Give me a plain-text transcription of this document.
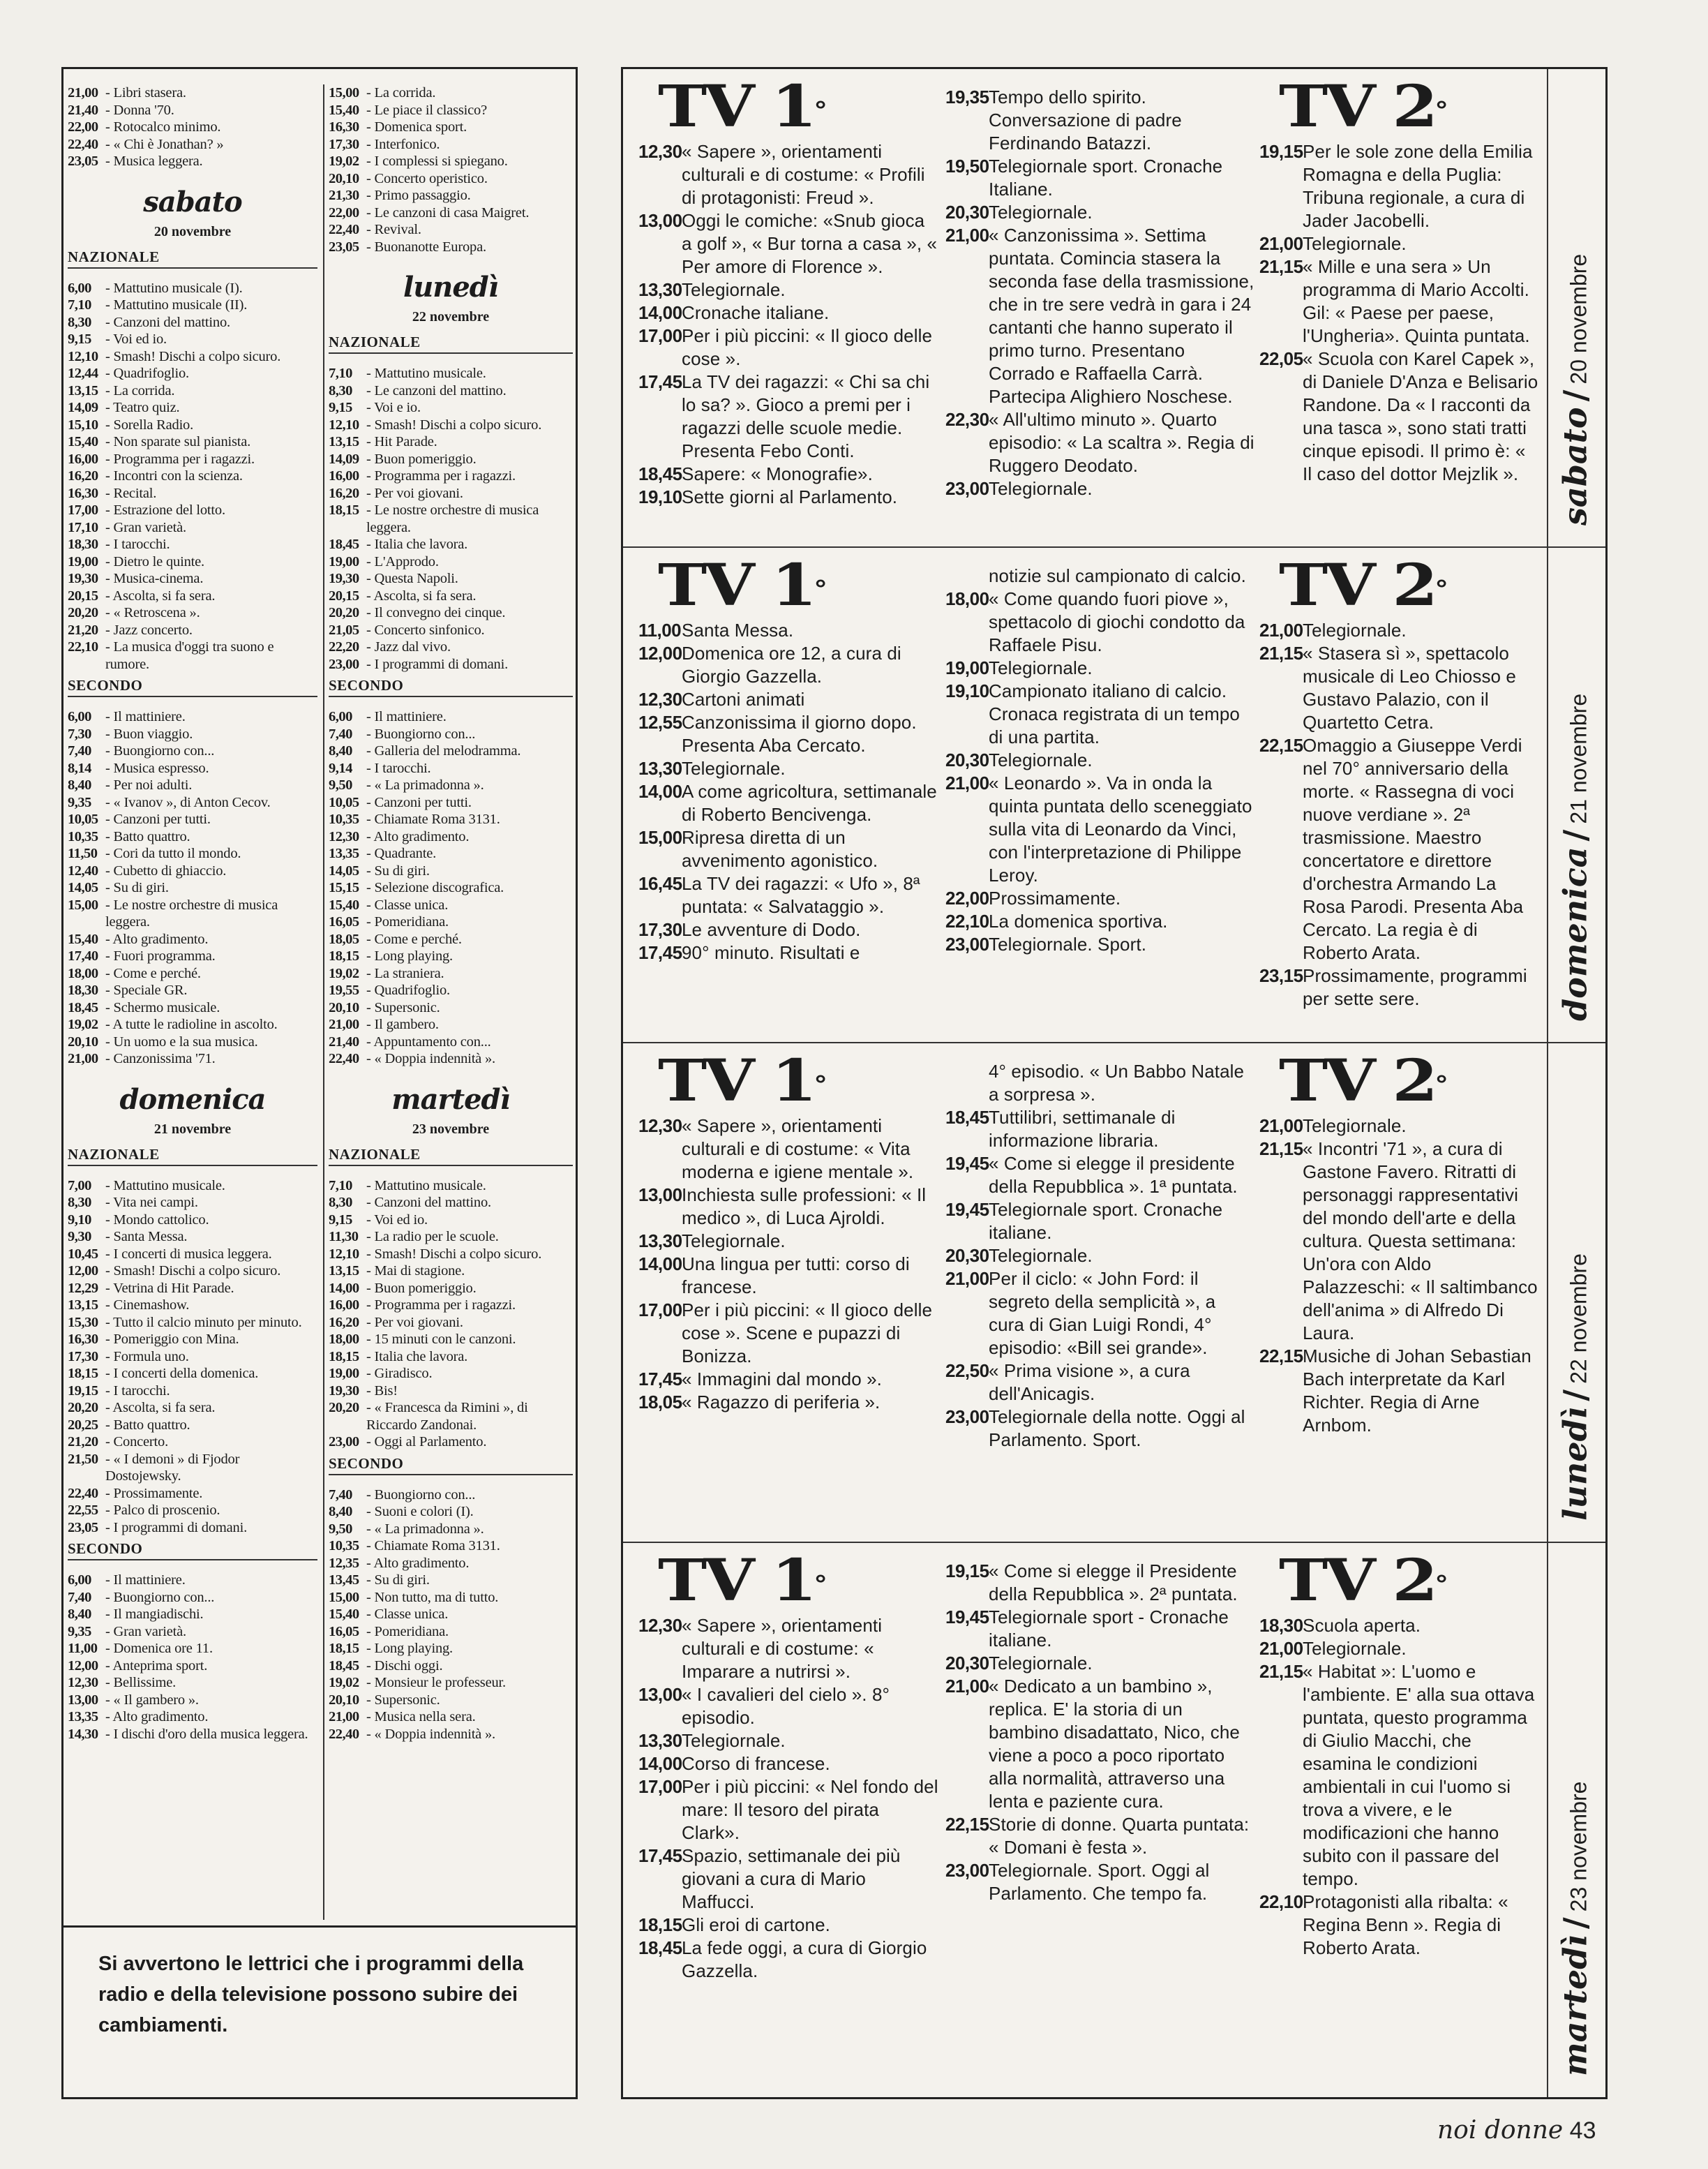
21,00 - Libri stasera.
21,40 - Donna '70.
22,00 - Rotocalco minimo.
22,40 - « Chi è Jonathan? »
23,05 - Musica leggera.
sabato
20 novembre
NAZIONALE
6,00 - Mattutino musicale (I).
7,10 - Mattutino musicale (II).
8,30 - Canzoni del mattino.
9,15 - Voi ed io.
12,10 - Smash! Dischi a colpo sicuro.
12,44 - Quadrifoglio.
13,15 - La corrida.
14,09 - Teatro quiz.
15,10 - Sorella Radio.
15,40 - Non sparate sul pianista.
16,00 - Programma per i ragazzi.
16,20 - Incontri con la scienza.
16,30 - Recital.
17,00 - Estrazione del lotto.
17,10 - Gran varietà.
18,30 - I tarocchi.
19,00 - Dietro le quinte.
19,30 - Musica-cinema.
20,15 - Ascolta, si fa sera.
20,20 - « Retroscena ».
21,20 - Jazz concerto.
22,10 - La musica d'oggi tra suono e rumore.
SECONDO
6,00 - Il mattiniere.
7,30 - Buon viaggio.
7,40 - Buongiorno con...
8,14 - Musica espresso.
8,40 - Per noi adulti.
9,35 - « Ivanov », di Anton Cecov.
10,05 - Canzoni per tutti.
10,35 - Batto quattro.
11,50 - Cori da tutto il mondo.
12,40 - Cubetto di ghiaccio.
14,05 - Su di giri.
15,00 - Le nostre orchestre di musica leggera.
15,40 - Alto gradimento.
17,40 - Fuori programma.
18,00 - Come e perché.
18,30 - Speciale GR.
18,45 - Schermo musicale.
19,02 - A tutte le radioline in ascolto.
20,10 - Un uomo e la sua musica.
21,00 - Canzonissima '71.
domenica
21 novembre
NAZIONALE
7,00 - Mattutino musicale.
8,30 - Vita nei campi.
9,10 - Mondo cattolico.
9,30 - Santa Messa.
10,45 - I concerti di musica leggera.
12,00 - Smash! Dischi a colpo sicuro.
12,29 - Vetrina di Hit Parade.
13,15 - Cinemashow.
15,30 - Tutto il calcio minuto per minuto.
16,30 - Pomeriggio con Mina.
17,30 - Formula uno.
18,15 - I concerti della domenica.
19,15 - I tarocchi.
20,20 - Ascolta, si fa sera.
20,25 - Batto quattro.
21,20 - Concerto.
21,50 - « I demoni » di Fjodor Dostojewsky.
22,40 - Prossimamente.
22,55 - Palco di proscenio.
23,05 - I programmi di domani.
SECONDO
6,00 - Il mattiniere.
7,40 - Buongiorno con...
8,40 - Il mangiadischi.
9,35 - Gran varietà.
11,00 - Domenica ore 11.
12,00 - Anteprima sport.
12,30 - Bellissime.
13,00 - « Il gambero ».
13,35 - Alto gradimento.
14,30 - I dischi d'oro della musica leggera.
15,00 - La corrida.
15,40 - Le piace il classico?
16,30 - Domenica sport.
17,30 - Interfonico.
19,02 - I complessi si spiegano.
20,10 - Concerto operistico.
21,30 - Primo passaggio.
22,00 - Le canzoni di casa Maigret.
22,40 - Revival.
23,05 - Buonanotte Europa.
lunedì
22 novembre
NAZIONALE
7,10 - Mattutino musicale.
8,30 - Le canzoni del mattino.
9,15 - Voi e io.
12,10 - Smash! Dischi a colpo sicuro.
13,15 - Hit Parade.
14,09 - Buon pomeriggio.
16,00 - Programma per i ragazzi.
16,20 - Per voi giovani.
18,15 - Le nostre orchestre di musica leggera.
18,45 - Italia che lavora.
19,00 - L'Approdo.
19,30 - Questa Napoli.
20,15 - Ascolta, si fa sera.
20,20 - Il convegno dei cinque.
21,05 - Concerto sinfonico.
22,20 - Jazz dal vivo.
23,00 - I programmi di domani.
SECONDO
6,00 - Il mattiniere.
7,40 - Buongiorno con...
8,40 - Galleria del melodramma.
9,14 - I tarocchi.
9,50 - « La primadonna ».
10,05 - Canzoni per tutti.
10,35 - Chiamate Roma 3131.
12,30 - Alto gradimento.
13,35 - Quadrante.
14,05 - Su di giri.
15,15 - Selezione discografica.
15,40 - Classe unica.
16,05 - Pomeridiana.
18,05 - Come e perché.
18,15 - Long playing.
19,02 - La straniera.
19,55 - Quadrifoglio.
20,10 - Supersonic.
21,00 - Il gambero.
21,40 - Appuntamento con...
22,40 - « Doppia indennità ».
martedì
23 novembre
NAZIONALE
7,10 - Mattutino musicale.
8,30 - Canzoni del mattino.
9,15 - Voi ed io.
11,30 - La radio per le scuole.
12,10 - Smash! Dischi a colpo sicuro.
13,15 - Mai di stagione.
14,00 - Buon pomeriggio.
16,00 - Programma per i ragazzi.
16,20 - Per voi giovani.
18,00 - 15 minuti con le canzoni.
18,15 - Italia che lavora.
19,00 - Giradisco.
19,30 - Bis!
20,20 - « Francesca da Rimini », di Riccardo Zandonai.
23,00 - Oggi al Parlamento.
SECONDO
7,40 - Buongiorno con...
8,40 - Suoni e colori (I).
9,50 - « La primadonna ».
10,35 - Chiamate Roma 3131.
12,35 - Alto gradimento.
13,45 - Su di giri.
15,00 - Non tutto, ma di tutto.
15,40 - Classe unica.
16,05 - Pomeridiana.
18,15 - Long playing.
18,45 - Dischi oggi.
19,02 - Monsieur le professeur.
20,10 - Supersonic.
21,00 - Musica nella sera.
22,40 - « Doppia indennità ».
Si avvertono le lettrici che i programmi della radio e della televisione possono subire dei cambiamenti.
TV 1°
12,30 « Sapere », orientamenti culturali e di costume: « Profili di protagonisti: Freud ».
13,00 Oggi le comiche: «Snub gioca a golf », « Bur torna a casa », « Per amore di Florence ».
13,30 Telegiornale.
14,00 Cronache italiane.
17,00 Per i più piccini: « Il gioco delle cose ».
17,45 La TV dei ragazzi: « Chi sa chi lo sa? ». Gioco a premi per i ragazzi delle scuole medie. Presenta Febo Conti.
18,45 Sapere: « Monografie».
19,10 Sette giorni al Parlamento.
19,35 Tempo dello spirito. Conversazione di padre Ferdinando Batazzi.
19,50 Telegiornale sport. Cronache Italiane.
20,30 Telegiornale.
21,00 « Canzonissima ». Settima puntata. Comincia stasera la seconda fase della trasmissione, che in tre sere vedrà in gara i 24 cantanti che hanno superato il primo turno. Presentano Corrado e Raffaella Carrà. Partecipa Alighiero Noschese.
22,30 « All'ultimo minuto ». Quarto episodio: « La scaltra ». Regia di Ruggero Deodato.
23,00 Telegiornale.
TV 2°
19,15 Per le sole zone della Emilia Romagna e della Puglia: Tribuna regionale, a cura di Jader Jacobelli.
21,00 Telegiornale.
21,15 « Mille e una sera » Un programma di Mario Accolti. Gil: « Paese per paese, l'Ungheria». Quinta puntata.
22,05 « Scuola con Karel Capek », di Daniele D'Anza e Belisario Randone. Da « I racconti da una tasca », sono stati tratti cinque episodi. Il primo è: « Il caso del dottor Mejzlik ».	sabato/20 novembre
TV 1°
11,00 Santa Messa.
12,00 Domenica ore 12, a cura di Giorgio Gazzella.
12,30 Cartoni animati
12,55 Canzonissima il giorno dopo. Presenta Aba Cercato.
13,30 Telegiornale.
14,00 A come agricoltura, settimanale di Roberto Bencivenga.
15,00 Ripresa diretta di un avvenimento agonistico.
16,45 La TV dei ragazzi: « Ufo », 8ª puntata: « Salvataggio ».
17,30 Le avventure di Dodo.
17,45 90° minuto. Risultati e
notizie sul campionato di calcio.
18,00 « Come quando fuori piove », spettacolo di giochi condotto da Raffaele Pisu.
19,00 Telegiornale.
19,10 Campionato italiano di calcio. Cronaca registrata di un tempo di una partita.
20,30 Telegiornale.
21,00 « Leonardo ». Va in onda la quinta puntata dello sceneggiato sulla vita di Leonardo da Vinci, con l'interpretazione di Philippe Leroy.
22,00 Prossimamente.
22,10 La domenica sportiva.
23,00 Telegiornale. Sport.
TV 2°
21,00 Telegiornale.
21,15 « Stasera sì », spettacolo musicale di Leo Chiosso e Gustavo Palazio, con il Quartetto Cetra.
22,15 Omaggio a Giuseppe Verdi nel 70° anniversario della morte. « Rassegna di voci nuove verdiane ». 2ª trasmissione. Maestro concertatore e direttore d'orchestra Armando La Rosa Parodi. Presenta Aba Cercato. La regia è di Roberto Arata.
23,15 Prossimamente, programmi per sette sere.	domenica/21 novembre
TV 1°
12,30 « Sapere », orientamenti culturali e di costume: « Vita moderna e igiene mentale ».
13,00 Inchiesta sulle professioni: « Il medico », di Luca Ajroldi.
13,30 Telegiornale.
14,00 Una lingua per tutti: corso di francese.
17,00 Per i più piccini: « Il gioco delle cose ». Scene e pupazzi di Bonizza.
17,45 « Immagini dal mondo ».
18,05 « Ragazzo di periferia ».
4° episodio. « Un Babbo Natale a sorpresa ».
18,45 Tuttilibri, settimanale di informazione libraria.
19,45 « Come si elegge il presidente della Repubblica ». 1ª puntata.
19,45 Telegiornale sport. Cronache italiane.
20,30 Telegiornale.
21,00 Per il ciclo: « John Ford: il segreto della semplicità », a cura di Gian Luigi Rondi, 4° episodio: «Bill sei grande».
22,50 « Prima visione », a cura dell'Anicagis.
23,00 Telegiornale della notte. Oggi al Parlamento. Sport.
TV 2°
21,00 Telegiornale.
21,15 « Incontri '71 », a cura di Gastone Favero. Ritratti di personaggi rappresentativi del mondo dell'arte e della cultura. Questa settimana: Un'ora con Aldo Palazzeschi: « Il saltimbanco dell'anima » di Alfredo Di Laura.
22,15 Musiche di Johan Sebastian Bach interpretate da Karl Richter. Regia di Arne Arnbom.	lunedì/22 novembre
TV 1°
12,30 « Sapere », orientamenti culturali e di costume: « Imparare a nutrirsi ».
13,00 « I cavalieri del cielo ». 8° episodio.
13,30 Telegiornale.
14,00 Corso di francese.
17,00 Per i più piccini: « Nel fondo del mare: Il tesoro del pirata Clark».
17,45 Spazio, settimanale dei più giovani a cura di Mario Maffucci.
18,15 Gli eroi di cartone.
18,45 La fede oggi, a cura di Giorgio Gazzella.
19,15 « Come si elegge il Presidente della Repubblica ». 2ª puntata.
19,45 Telegiornale sport - Cronache italiane.
20,30 Telegiornale.
21,00 « Dedicato a un bambino », replica. E' la storia di un bambino disadattato, Nico, che viene a poco a poco riportato alla normalità, attraverso una lenta e paziente cura.
22,15 Storie di donne. Quarta puntata: « Domani è festa ».
23,00 Telegiornale. Sport. Oggi al Parlamento. Che tempo fa.
TV 2°
18,30 Scuola aperta.
21,00 Telegiornale.
21,15 « Habitat »: L'uomo e l'ambiente. E' alla sua ottava puntata, questo programma di Giulio Macchi, che esamina le condizioni ambientali in cui l'uomo si trova a vivere, e le modificazioni che hanno subito con il passare del tempo.
22,10 Protagonisti alla ribalta: « Regina Benn ». Regia di Roberto Arata.	martedì/23 novembre
noi donne 43
